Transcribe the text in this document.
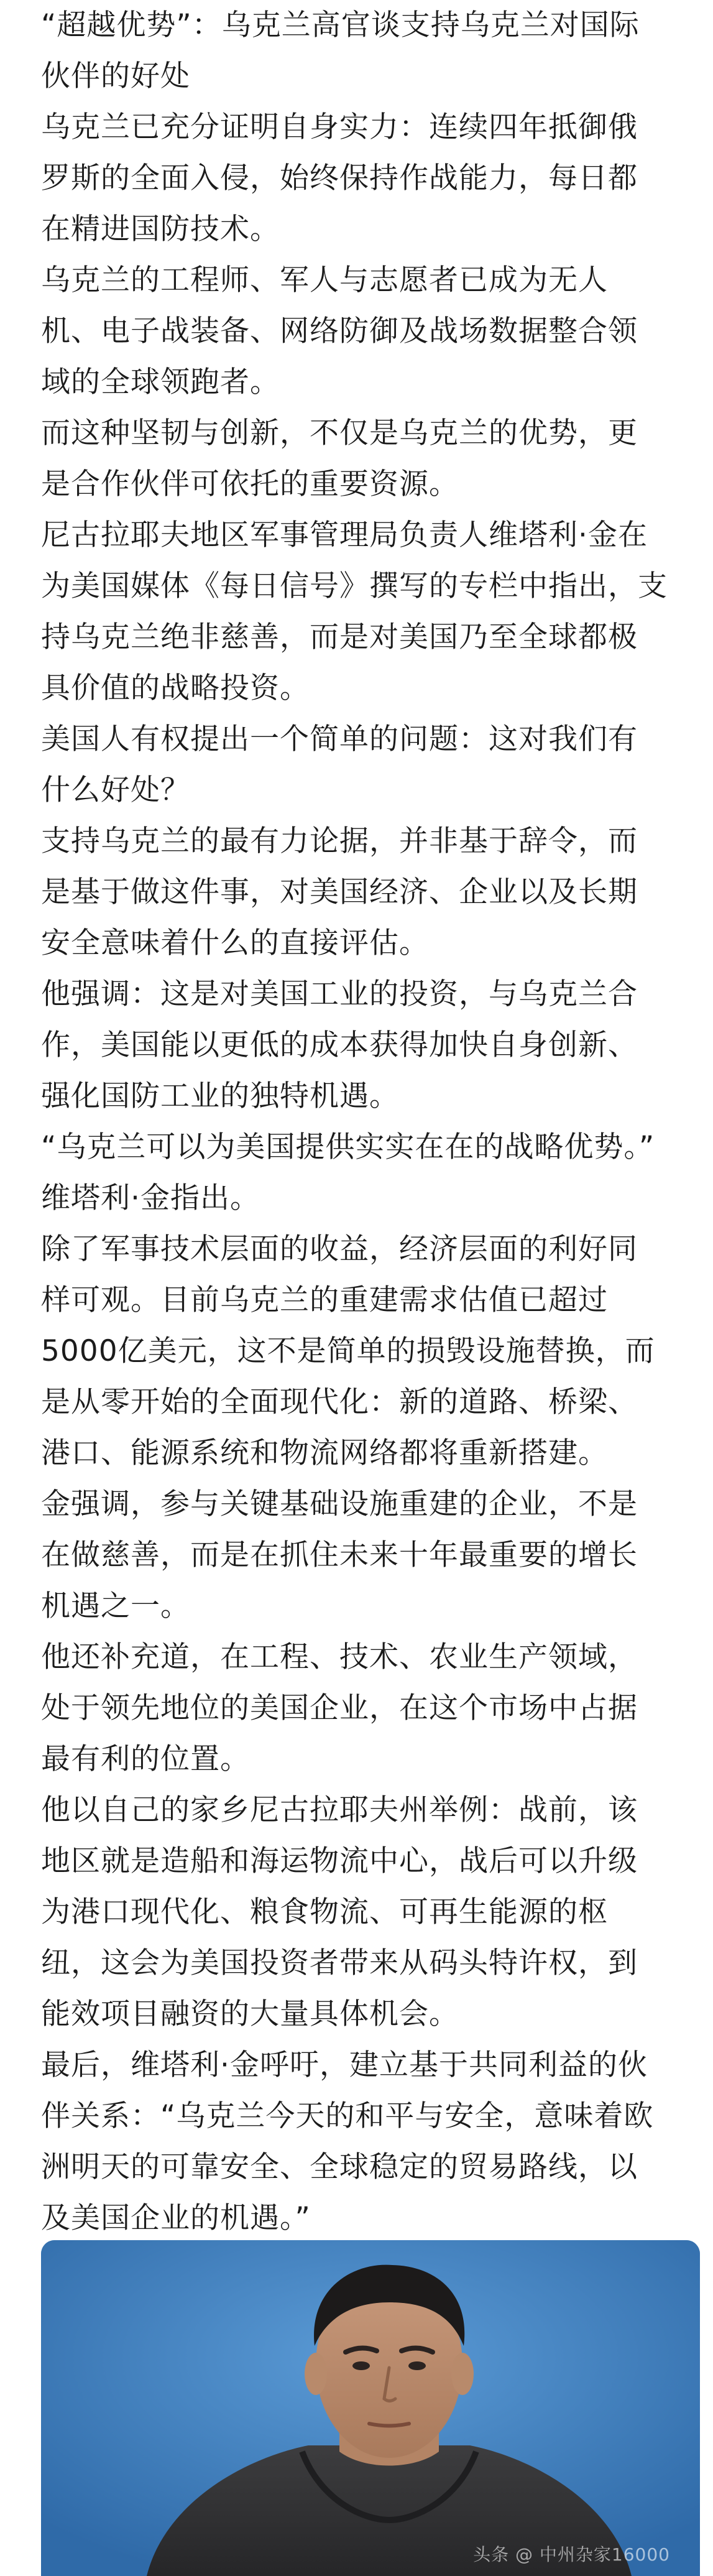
“超越优势”：乌克兰高官谈支持乌克兰对国际
伙伴的好处

乌克兰已充分证明自身实力：连续四年抵御俄
罗斯的全面入侵，始终保持作战能力，每日都
在精进国防技术。

乌克兰的工程师、军人与志愿者已成为无人
机、电子战装备、网络防御及战场数据整合领
域的全球领跑者。

而这种坚韧与创新，不仅是乌克兰的优势，更
是合作伙伴可依托的重要资源。

尼古拉耶夫地区军事管理局负责人维塔利·金在
为美国媒体《每日信号》撰写的专栏中指出，支
持乌克兰绝非慈善，而是对美国乃至全球都极
具价值的战略投资。

美国人有权提出一个简单的问题：这对我们有
什么好处？

支持乌克兰的最有力论据，并非基于辞令，而
是基于做这件事，对美国经济、企业以及长期
安全意味着什么的直接评估。

他强调：这是对美国工业的投资，与乌克兰合
作，美国能以更低的成本获得加快自身创新、
强化国防工业的独特机遇。

“乌克兰可以为美国提供实实在在的战略优势。”
维塔利·金指出。

除了军事技术层面的收益，经济层面的利好同
样可观。目前乌克兰的重建需求估值已超过
5000亿美元，这不是简单的损毁设施替换，而
是从零开始的全面现代化：新的道路、桥梁、
港口、能源系统和物流网络都将重新搭建。

金强调，参与关键基础设施重建的企业，不是
在做慈善，而是在抓住未来十年最重要的增长
机遇之一。

他还补充道，在工程、技术、农业生产领域，
处于领先地位的美国企业，在这个市场中占据
最有利的位置。

他以自己的家乡尼古拉耶夫州举例：战前，该
地区就是造船和海运物流中心，战后可以升级
为港口现代化、粮食物流、可再生能源的枢
纽，这会为美国投资者带来从码头特许权，到
能效项目融资的大量具体机会。

最后，维塔利·金呼吁，建立基于共同利益的伙
伴关系：“乌克兰今天的和平与安全，意味着欧
洲明天的可靠安全、全球稳定的贸易路线，以
及美国企业的机遇。”

头条 @ 中州杂家16000
